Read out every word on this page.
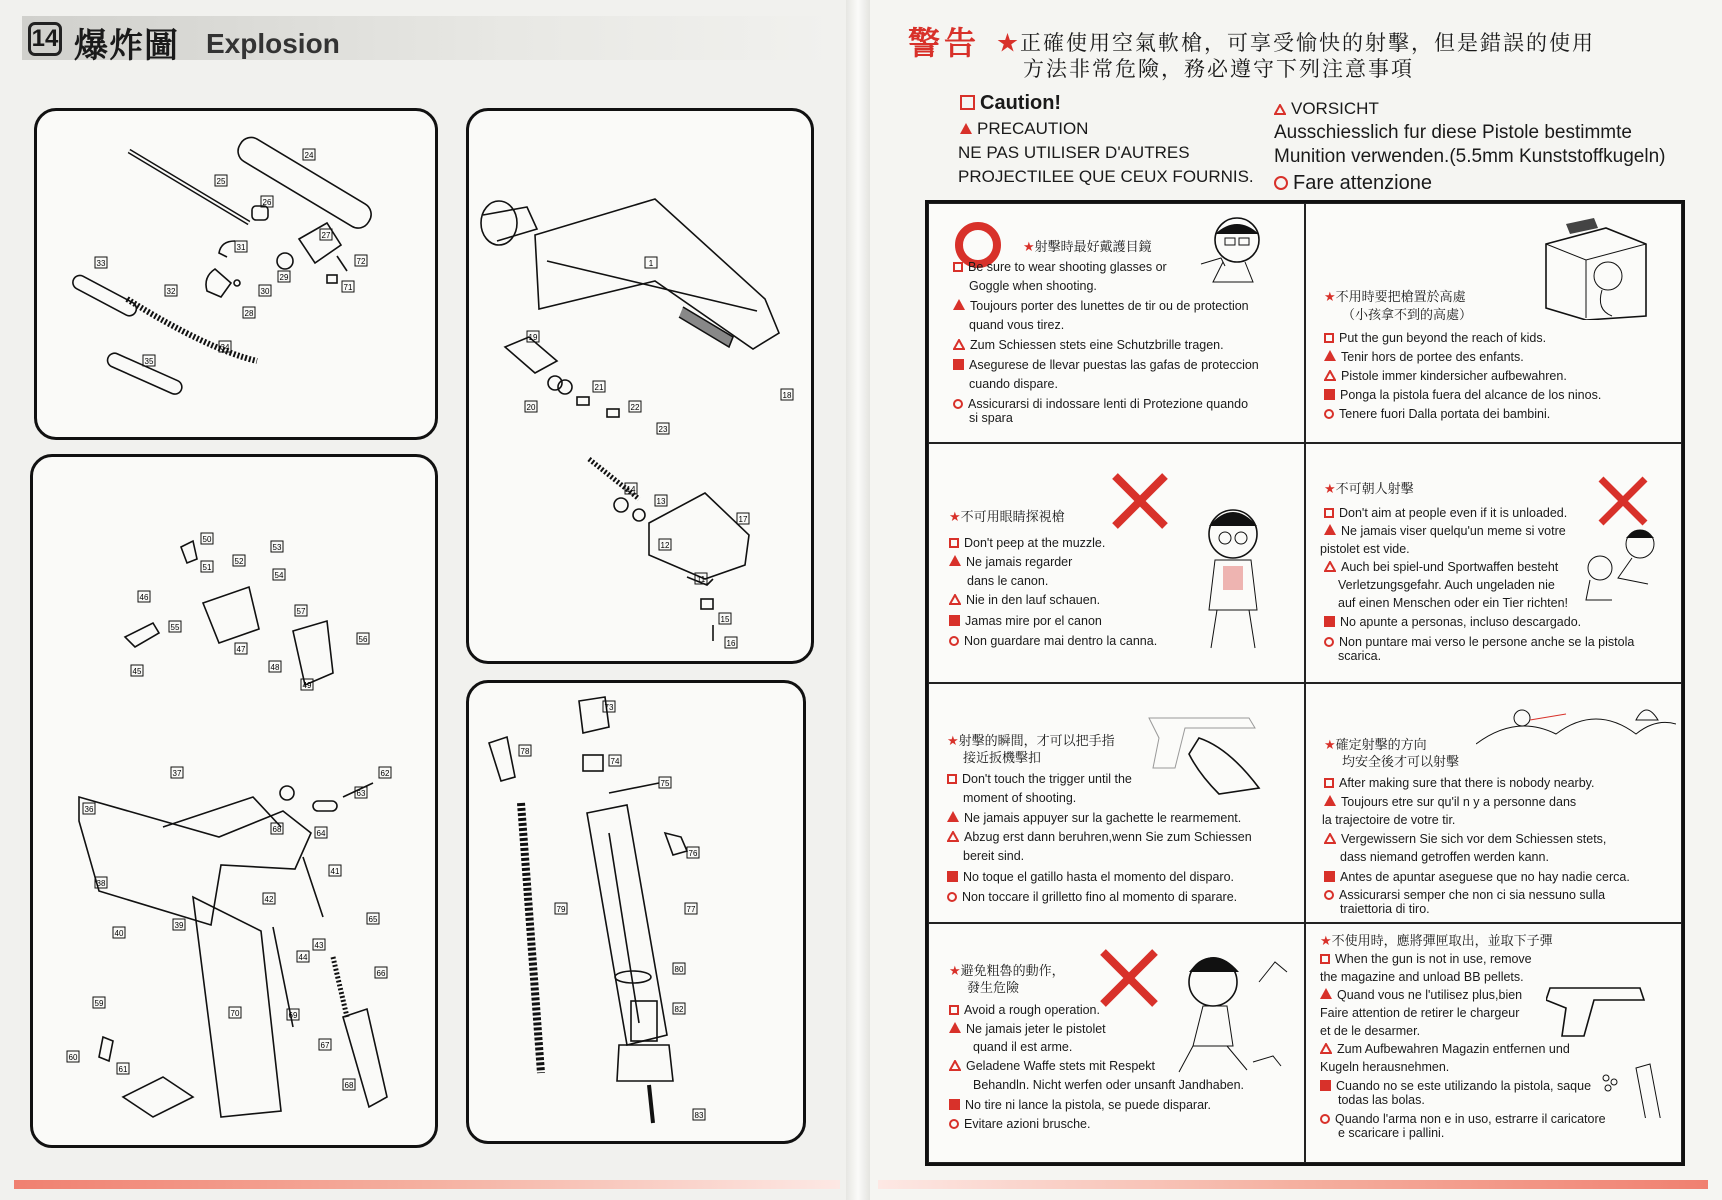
14 爆炸圖 Explosion
24
25
26
27
31
29
30
72
71
33
32
28
34
35
1
19
20
21
22
23
18
14
13
17
12
11
15
16
50
53
51
52
54
46
55
57
56
47
48
45
49
37	62
36
63
64
68
41
38
42
65
39
40
43
44
66
59
70	69
67
60
61
68
73
74
75
78
76
77
79
80
82
83
警告 ★正確使用空氣軟槍，可享受愉快的射擊，但是錯誤的使用
方法非常危險，務必遵守下列注意事項
Caution!
PRECAUTION
NE PAS UTILISER D'AUTRES
PROJECTILEE QUE CEUX FOURNIS.
VORSICHT
Ausschiesslich fur diese Pistole bestimmte
Munition verwenden.(5.5mm Kunststoffkugeln)
Fare attenzione
★射擊時最好戴護目鏡
Be sure to wear shooting glasses or
Goggle when shooting.
Toujours porter des lunettes de tir ou de protection
quand vous tirez.
Zum Schiessen stets eine Schutzbrille tragen.
Asegurese de llevar puestas las gafas de proteccion
cuando dispare.
Assicurarsi di indossare lenti di Protezione quando
si spara
★不用時要把槍置於高處
（小孩拿不到的高處）
Put the gun beyond the reach of kids.
Tenir hors de portee des enfants.
Pistole immer kindersicher aufbewahren.
Ponga la pistola fuera del alcance de los ninos.
Tenere fuori Dalla portata dei bambini.
★不可用眼睛探視槍
Don't peep at the muzzle.
Ne jamais regarder
dans le canon.
Nie in den lauf schauen.
Jamas mire por el canon
Non guardare mai dentro la canna.
★不可朝人射擊
Don't aim at people even if it is unloaded.
Ne jamais viser quelqu'un meme si votre
pistolet est vide.
Auch bei spiel-und Sportwaffen besteht
Verletzungsgefahr. Auch ungeladen nie
auf einen Menschen oder ein Tier richten!
No apunte a personas, incluso descargado.
Non puntare mai verso le persone anche se la pistola
scarica.
★射擊的瞬間，才可以把手指
接近扳機擊扣
Don't touch the trigger until the
moment of shooting.
Ne jamais appuyer sur la gachette le rearmement.
Abzug erst dann beruhren,wenn Sie zum Schiessen
bereit sind.
No toque el gatillo hasta el momento del disparo.
Non toccare il grilletto fino al momento di sparare.
★確定射擊的方向
均安全後才可以射擊
After making sure that there is nobody nearby.
Toujours etre sur qu'il n y a personne dans
la trajectoire de votre tir.
Vergewissern Sie sich vor dem Schiessen stets,
dass niemand getroffen werden kann.
Antes de apuntar aseguese que no hay nadie cerca.
Assicurarsi semper che non ci sia nessuno sulla
traiettoria di tiro.
★避免粗魯的動作，
發生危險
Avoid a rough operation.
Ne jamais jeter le pistolet
quand il est arme.
Geladene Waffe stets mit Respekt
Behandln. Nicht werfen oder unsanft Jandhaben.
No tire ni lance la pistola, se puede disparar.
Evitare azioni brusche.
★不使用時，應將彈匣取出，並取下子彈
When the gun is not in use, remove
the magazine and unload BB pellets.
Quand vous ne l'utilisez plus,bien
Faire attention de retirer le chargeur
et de le desarmer.
Zum Aufbewahren Magazin entfernen und
Kugeln herausnehmen.
Cuando no se este utilizando la pistola, saque
todas las bolas.
Quando l'arma non e in uso, estrarre il caricatore
e scaricare i pallini.
